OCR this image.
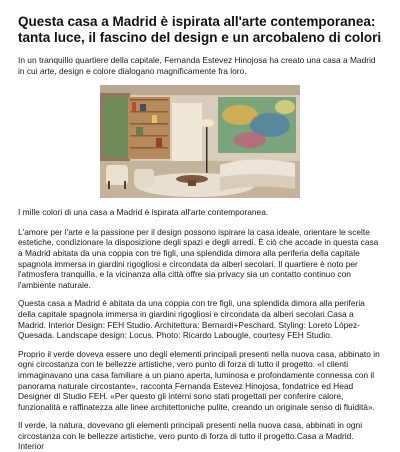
Questa casa a Madrid è ispirata all'arte contemporanea: tanta luce, il fascino del design e un arcobaleno di colori

In un tranquillo quartiere della capitale, Fernanda Estevez Hinojosa ha creato una casa a Madrid in cui arte, design e colore dialogano magnificamente fra loro.

I mille colori di una casa a Madrid è ispirata all'arte contemporanea.

L'amore per l'arte e la passione per il design possono ispirare la casa ideale, orientare le scelte estetiche, condizionare la disposizione degli spazi e degli arredi. È ciò che accade in questa casa a Madrid abitata da una coppia con tre figli, una splendida dimora alla periferia della capitale spagnola immersa in giardini rigogliosi e circondata da alberi secolari. Il quartiere è noto per l'atmosfera tranquilla, e la vicinanza alla città offre sia privacy sia un contatto continuo con l'ambiente naturale.

Questa casa a Madrid è abitata da una coppia con tre figli, una splendida dimora alla periferia della capitale spagnola immersa in giardini rigogliosi e circondata da alberi secolari.Casa a Madrid. Interior Design: FEH Studio. Architettura: Bernardi+Peschard. Styling: Loreto López-Quesada. Landscape design: Locus. Photo: Ricardo Labougle, courtesy FEH Studio.

Proprio il verde doveva essere uno degli elementi principali presenti nella nuova casa, abbinato in ogni circostanza con le bellezze artistiche, vero punto di forza di tutto il progetto. «I clienti immaginavano una casa familiare a un piano aperta, luminosa e profondamente connessa con il panorama naturale circostante», racconta Fernanda Estevez Hinojosa, fondatrice ed Head Designer di Studio FEH. «Per questo gli interni sono stati progettati per conferire calore, funzionalità e raffinatezza alle linee architettoniche pulite, creando un originale senso di fluidità».

Il verde, la natura, dovevano gli elementi principali presenti nella nuova casa, abbinati in ogni circostanza con le bellezze artistiche, vero punto di forza di tutto il progetto.Casa a Madrid. Interior
